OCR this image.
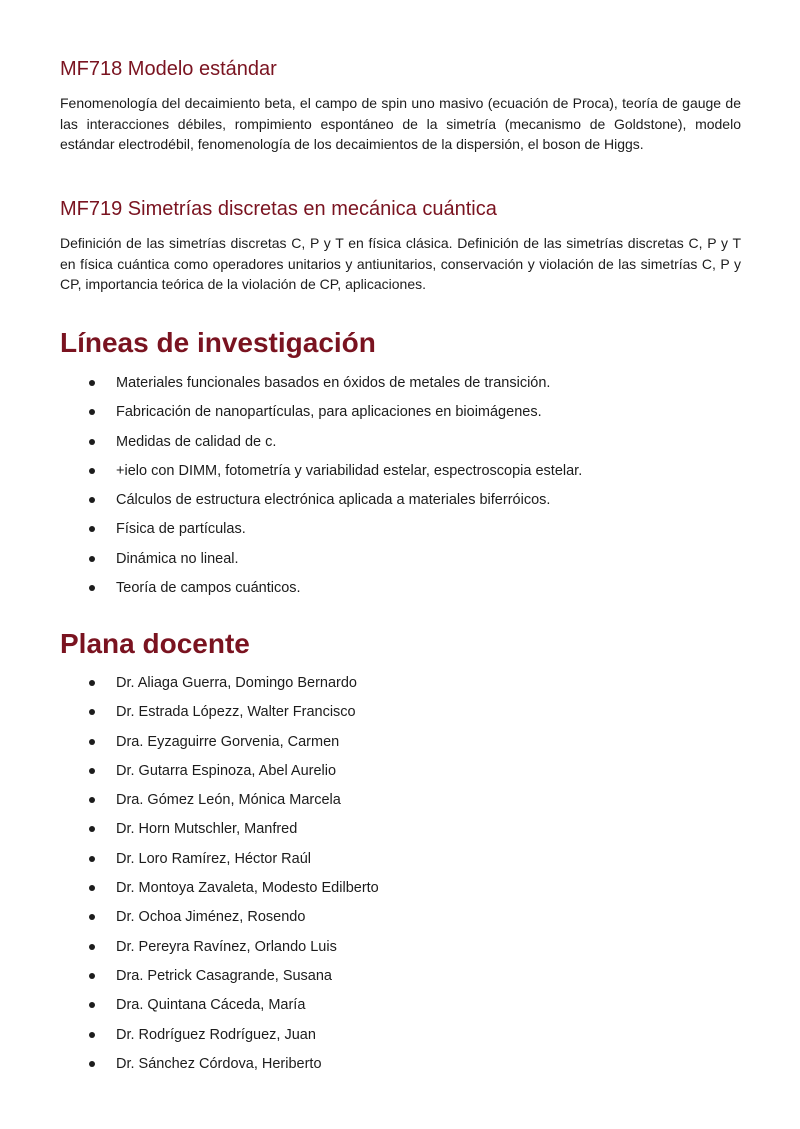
MF718 Modelo estándar

Fenomenología del decaimiento beta, el campo de spin uno masivo (ecuación de Proca), teoría de gauge de las interacciones débiles, rompimiento espontáneo de la simetría (mecanismo de Goldstone), modelo estándar electrodébil, fenomenología de los decaimientos de la dispersión, el boson de Higgs.

MF719 Simetrías discretas en mecánica cuántica

Definición de las simetrías discretas C, P y T en física clásica. Definición de las simetrías discretas C, P y T en física cuántica como operadores unitarios y antiunitarios, conservación y violación de las simetrías C, P y CP, importancia teórica de la violación de CP, aplicaciones.

Líneas de investigación
Materiales funcionales basados en óxidos de metales de transición.
Fabricación de nanopartículas, para aplicaciones en bioimágenes.
Medidas de calidad de c.
+ielo con DIMM, fotometría y variabilidad estelar, espectroscopia estelar.
Cálculos de estructura electrónica aplicada a materiales biferróicos.
Física de partículas.
Dinámica no lineal.
Teoría de campos cuánticos.
Plana docente
Dr. Aliaga Guerra, Domingo Bernardo
Dr. Estrada Lópezz, Walter Francisco
Dra. Eyzaguirre Gorvenia, Carmen
Dr. Gutarra Espinoza, Abel Aurelio
Dra. Gómez León, Mónica Marcela
Dr. Horn Mutschler, Manfred
Dr. Loro Ramírez, Héctor Raúl
Dr. Montoya Zavaleta, Modesto Edilberto
Dr. Ochoa Jiménez, Rosendo
Dr. Pereyra Ravínez, Orlando Luis
Dra. Petrick Casagrande, Susana
Dra. Quintana Cáceda, María
Dr. Rodríguez Rodríguez, Juan
Dr. Sánchez Córdova, Heriberto
